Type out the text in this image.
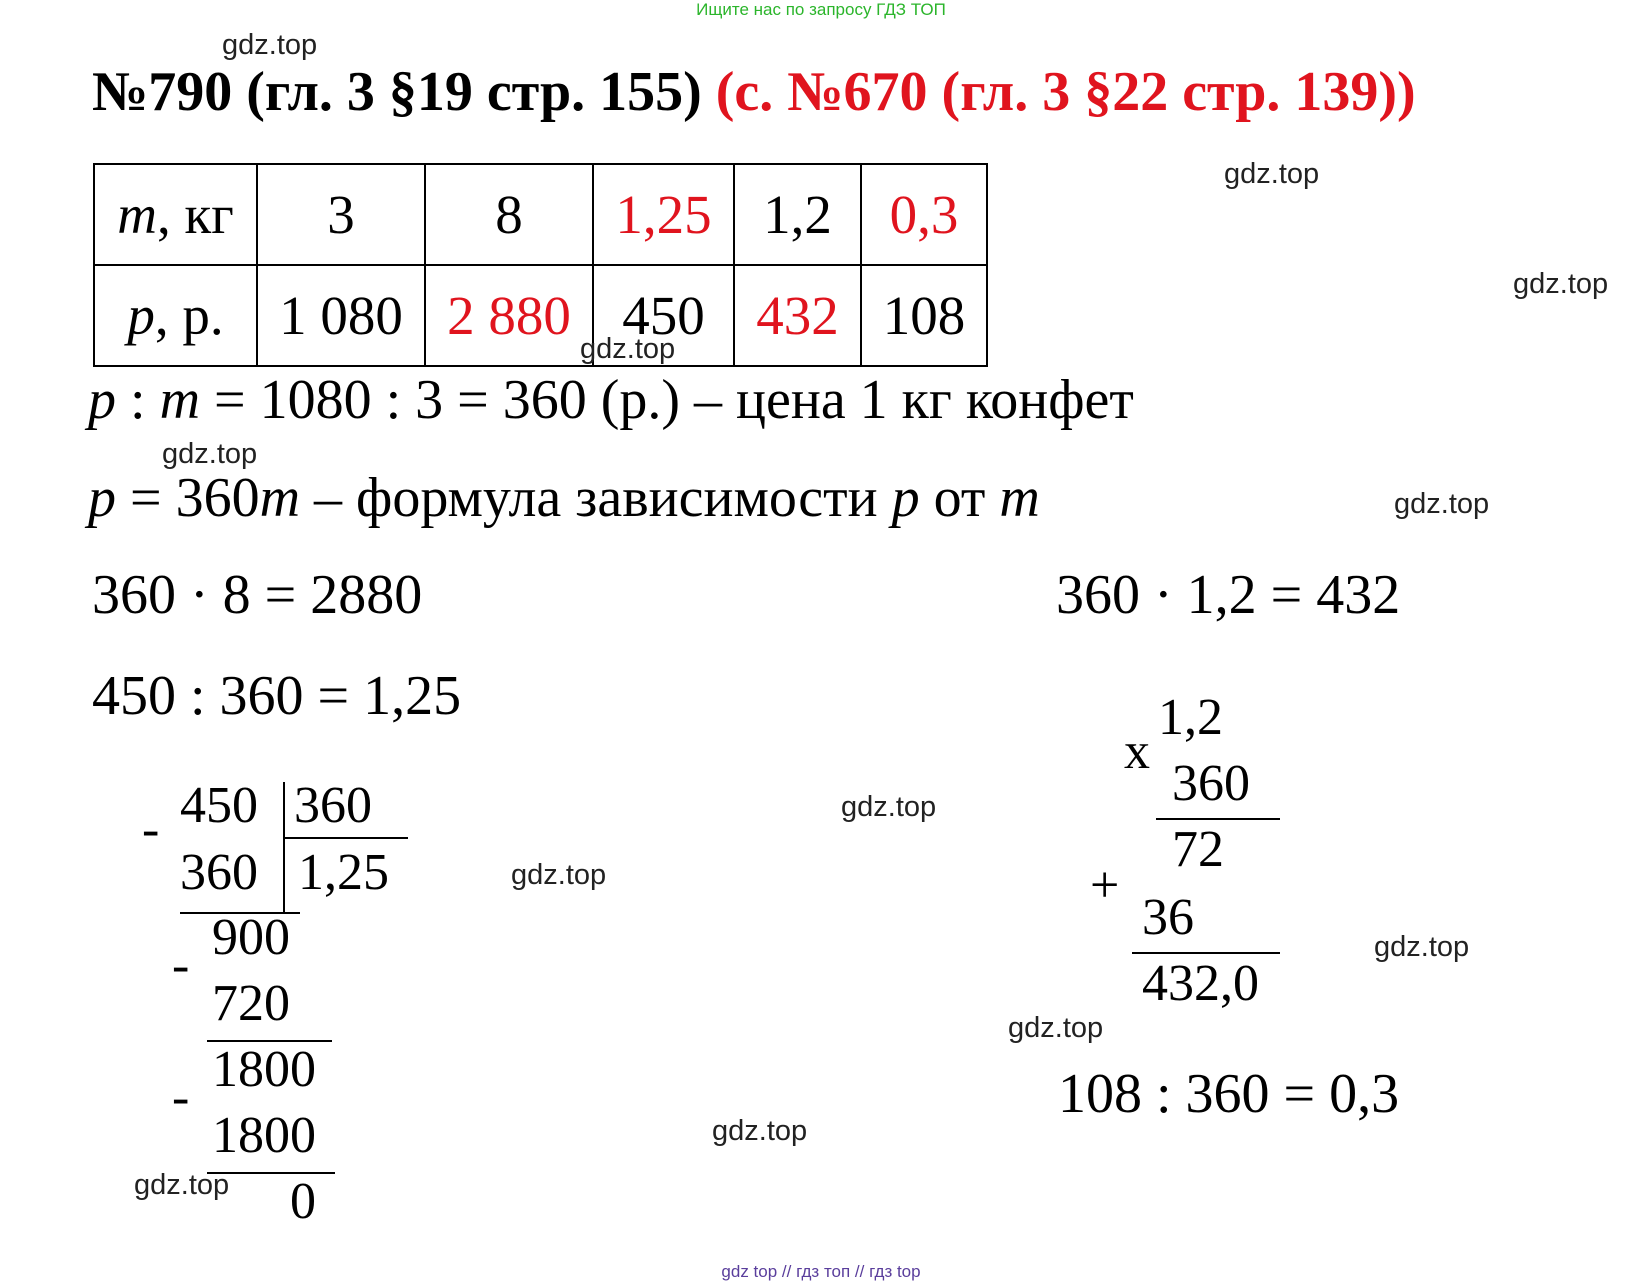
Ищите нас по запросу ГДЗ ТОП
№790 (гл. 3 §19 стр. 155) (с. №670 (гл. 3 §22 стр. 139))
m, кг	3	8	1,25	1,2	0,3
p, р.	1 080	2 880	450	432	108
p : m = 1080 : 3 = 360 (р.) – цена 1 кг конфет
p = 360m – формула зависимости p от m
360 · 8 = 2880
450 : 360 = 1,25
360 · 1,2 = 432
108 : 360 = 0,3
- 450 360
360 1,25
900
-
720
1800
-
1800
0
1,2
x
360
72
+
36
432,0
gdz.top
gdz.top
gdz.top
gdz.top
gdz.top
gdz.top
gdz.top
gdz.top
gdz.top
gdz.top
gdz.top
gdz.top
gdz top // гдз топ // гдз top
